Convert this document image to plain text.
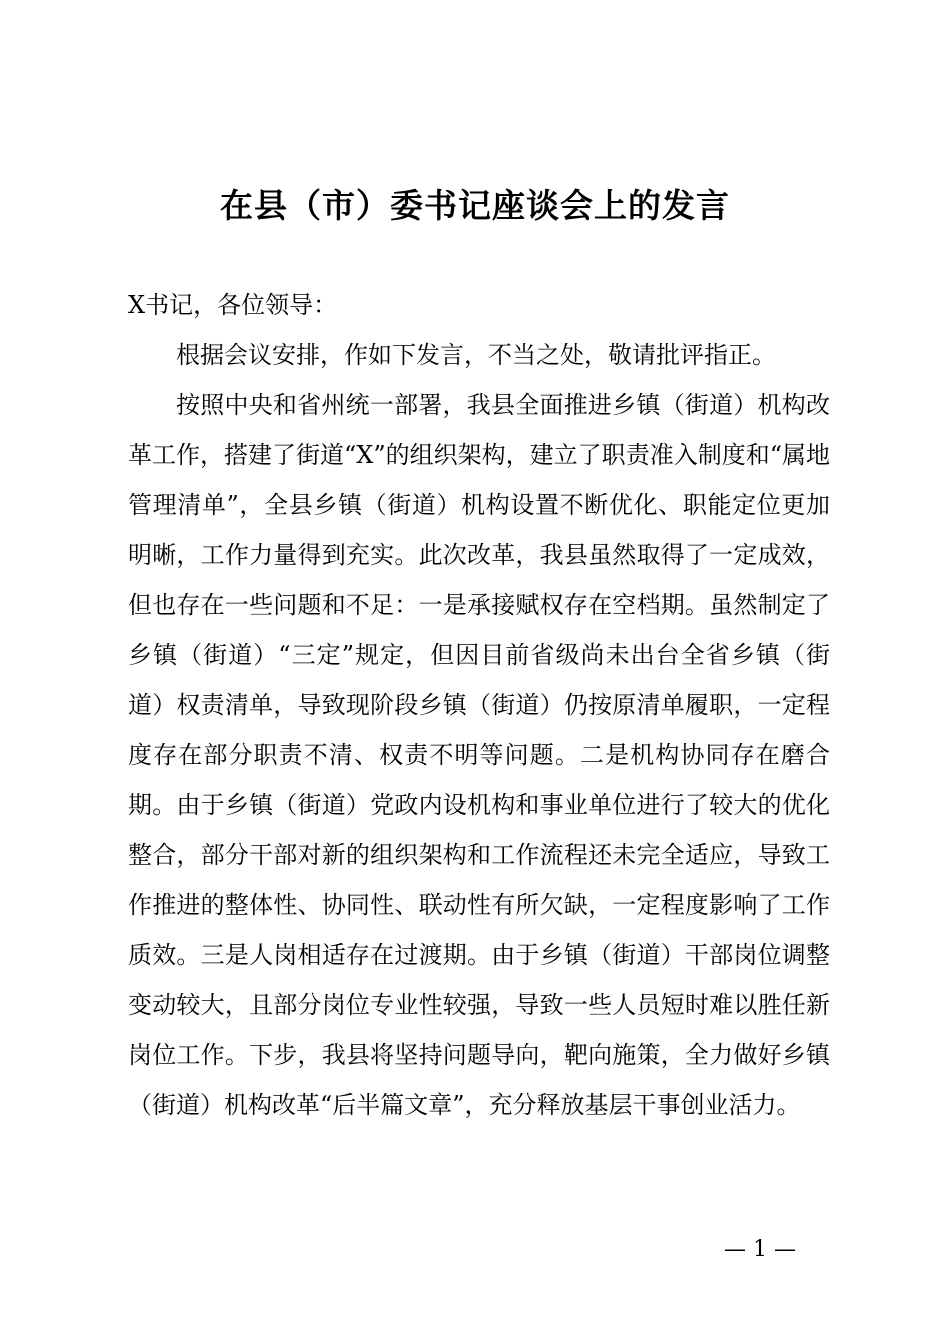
在县（市）委书记座谈会上的发言
X书记，各位领导：

根据会议安排，作如下发言，不当之处，敬请批评指正。

按照中央和省州统一部署，我县全面推进乡镇（街道）机构改革工作，搭建了街道“X”的组织架构，建立了职责准入制度和“属地管理清单”，全县乡镇（街道）机构设置不断优化、职能定位更加明晰，工作力量得到充实。此次改革，我县虽然取得了一定成效，但也存在一些问题和不足：一是承接赋权存在空档期。虽然制定了乡镇（街道）“三定”规定，但因目前省级尚未出台全省乡镇（街道）权责清单，导致现阶段乡镇（街道）仍按原清单履职，一定程度存在部分职责不清、权责不明等问题。二是机构协同存在磨合期。由于乡镇（街道）党政内设机构和事业单位进行了较大的优化整合，部分干部对新的组织架构和工作流程还未完全适应，导致工作推进的整体性、协同性、联动性有所欠缺，一定程度影响了工作质效。三是人岗相适存在过渡期。由于乡镇（街道）干部岗位调整变动较大，且部分岗位专业性较强，导致一些人员短时难以胜任新岗位工作。下步，我县将坚持问题导向，靶向施策，全力做好乡镇（街道）机构改革“后半篇文章”，充分释放基层干事创业活力。

— 1 —
